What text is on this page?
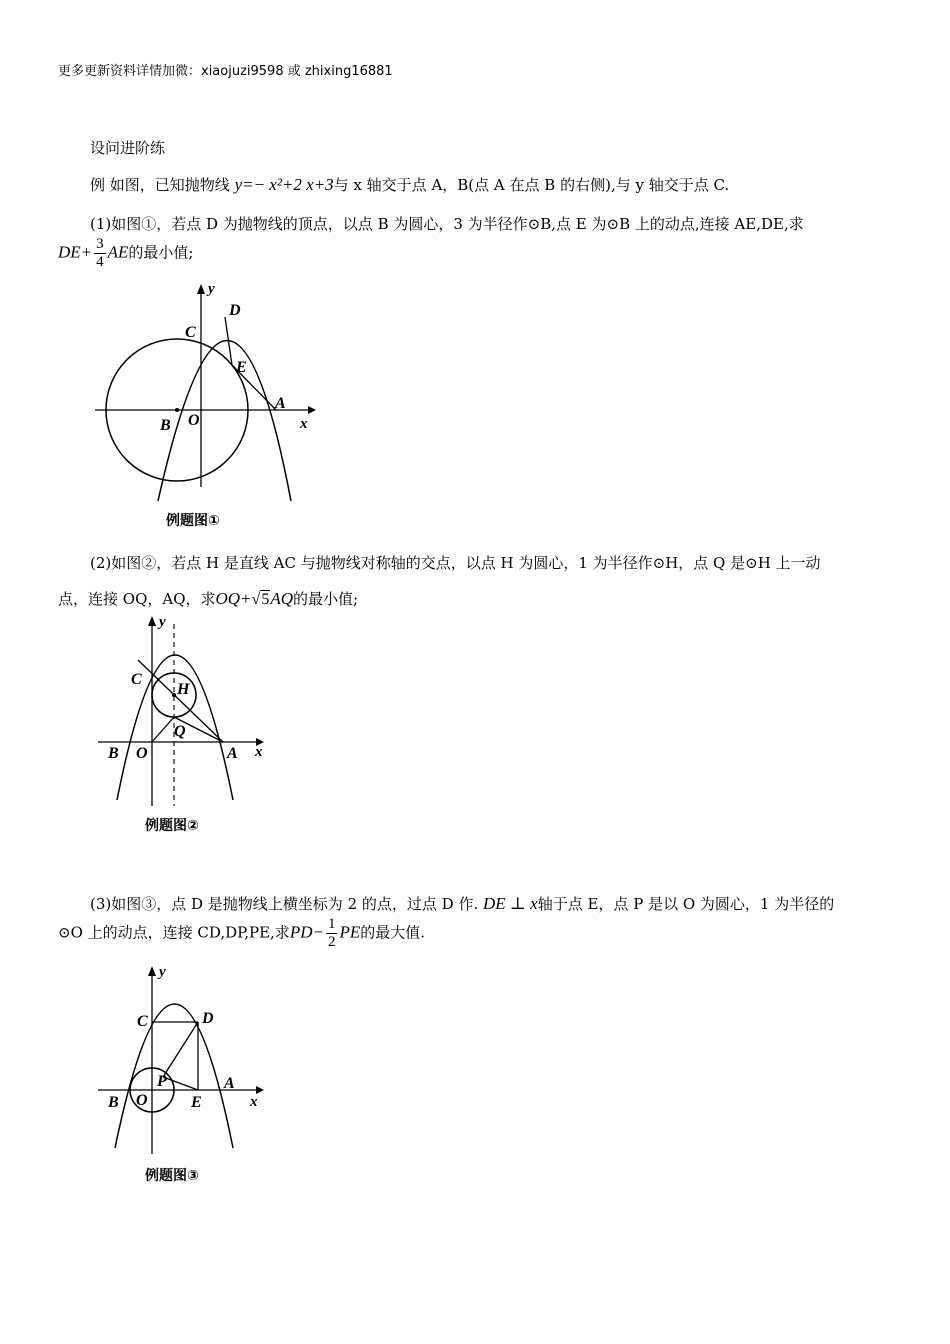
更多更新资料详情加微：xiaojuzi9598 或 zhixing16881
设问进阶练
例 如图，已知抛物线 y=− x²+2 x+3与 x 轴交于点 A，B(点 A 在点 B 的右侧),与 y 轴交于点 C.
(1)如图①，若点 D 为抛物线的顶点，以点 B 为圆心，3 为半径作⊙B,点 E 为⊙B 上的动点,连接 AE,DE,求
$DE+ \frac{3}{4}$ AE的最小值;
y
D
C
E
A
B O	x
例题图①
(2)如图②，若点 H 是直线 AC 与抛物线对称轴的交点，以点 H 为圆心，1 为半径作⊙H，点 Q 是⊙H 上一动
点，连接 OQ，AQ，求OQ+√5AQ的最小值;
y
C
H
Q
A
B O	x
例题图②
(3)如图③，点 D 是抛物线上横坐标为 2 的点，过点 D 作. DE ⊥ x轴于点 E，点 P 是以 O 为圆心，1 为半径的
⊙O 上的动点，连接 CD,DP,PE,求$PD- \frac{1}{2}$ PE的最大值.
y
C	D
P	A
B O	E	x
例题图③
